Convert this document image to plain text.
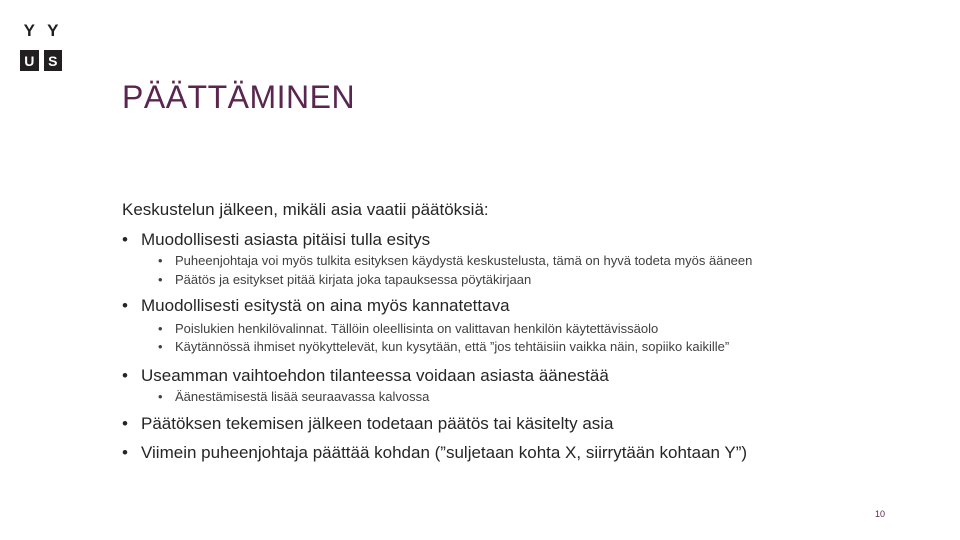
Y Y
U S
PÄÄTTÄMINEN
Keskustelun jälkeen, mikäli asia vaatii päätöksiä:
• Muodollisesti asiasta pitäisi tulla esitys
• Puheenjohtaja voi myös tulkita esityksen käydystä keskustelusta, tämä on hyvä todeta myös ääneen
• Päätös ja esitykset pitää kirjata joka tapauksessa pöytäkirjaan
• Muodollisesti esitystä on aina myös kannatettava
• Poislukien henkilövalinnat. Tällöin oleellisinta on valittavan henkilön käytettävissäolo
• Käytännössä ihmiset nyökyttelevät, kun kysytään, että ”jos tehtäisiin vaikka näin, sopiiko kaikille”
• Useamman vaihtoehdon tilanteessa voidaan asiasta äänestää
• Äänestämisestä lisää seuraavassa kalvossa
• Päätöksen tekemisen jälkeen todetaan päätös tai käsitelty asia
• Viimein puheenjohtaja päättää kohdan (”suljetaan kohta X, siirrytään kohtaan Y”)
10
